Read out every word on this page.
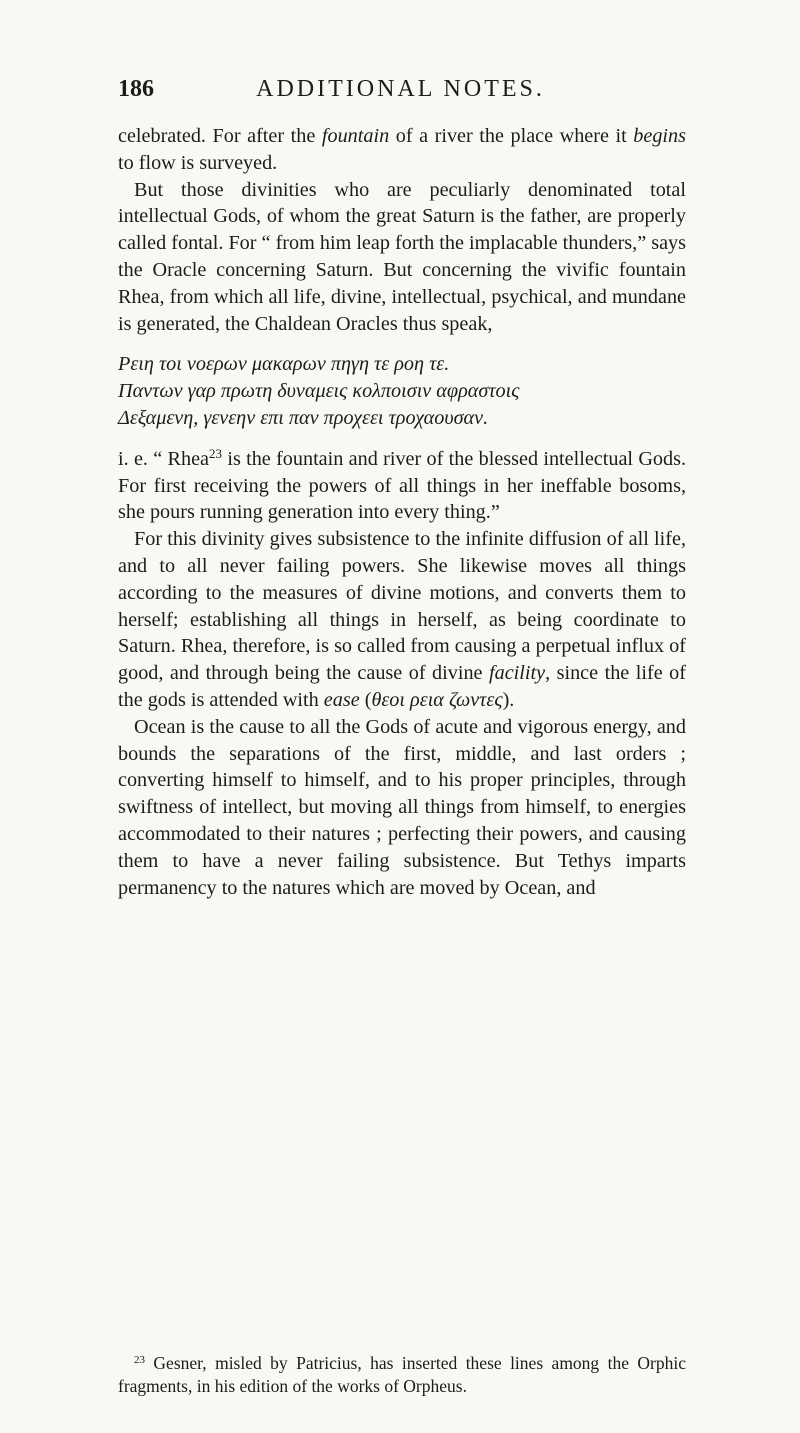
186	ADDITIONAL NOTES.

celebrated. For after the fountain of a river the place where it begins to flow is surveyed.

But those divinities who are peculiarly denominated total intellectual Gods, of whom the great Saturn is the father, are properly called fontal. For “ from him leap forth the implacable thunders,” says the Oracle concerning Saturn. But concerning the vivific fountain Rhea, from which all life, divine, intellectual, psychical, and mundane is generated, the Chaldean Oracles thus speak,

Ρειη τοι νοερων μακαρων πηγη τε ροη τε.
Παντων γαρ πρωτη δυναμεις κολποισιν αφραστοις
Δεξαμενη, γενεην επι παν προχεει τροχαουσαν.

i. e. “ Rhea$^{23}$ is the fountain and river of the blessed intellectual Gods. For first receiving the powers of all things in her ineffable bosoms, she pours running generation into every thing.”

For this divinity gives subsistence to the infinite diffusion of all life, and to all never failing powers. She likewise moves all things according to the measures of divine motions, and converts them to herself; establishing all things in herself, as being coordinate to Saturn. Rhea, therefore, is so called from causing a perpetual influx of good, and through being the cause of divine facility, since the life of the gods is attended with ease (θεοι ρεια ζωντες).

Ocean is the cause to all the Gods of acute and vigorous energy, and bounds the separations of the first, middle, and last orders ; converting himself to himself, and to his proper principles, through swiftness of intellect, but moving all things from himself, to energies accommodated to their natures ; perfecting their powers, and causing them to have a never failing subsistence. But Tethys imparts permanency to the natures which are moved by Ocean, and

$^{23}$ Gesner, misled by Patricius, has inserted these lines among the Orphic fragments, in his edition of the works of Orpheus.
